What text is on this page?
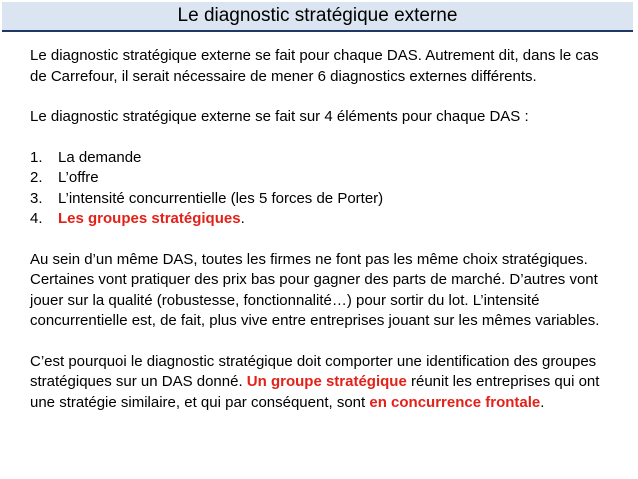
Le diagnostic stratégique externe

Le diagnostic stratégique externe se fait pour chaque DAS. Autrement dit, dans le cas de Carrefour, il serait nécessaire de mener 6 diagnostics externes différents.

Le diagnostic stratégique externe se fait sur 4 éléments pour chaque DAS :

1.	La demande
2.	L’offre
3.	L’intensité concurrentielle (les 5 forces de Porter)
4.	Les groupes stratégiques.

Au sein d’un même DAS, toutes les firmes ne font pas les même choix stratégiques. Certaines vont pratiquer des prix bas pour gagner des parts de marché. D’autres vont jouer sur la qualité (robustesse, fonctionnalité…) pour sortir du lot. L’intensité concurrentielle est, de fait, plus vive entre entreprises jouant sur les mêmes variables.

C’est pourquoi le diagnostic stratégique doit comporter une identification des groupes stratégiques sur un DAS donné. Un groupe stratégique réunit les entreprises qui ont une stratégie similaire, et qui par conséquent, sont en concurrence frontale.
